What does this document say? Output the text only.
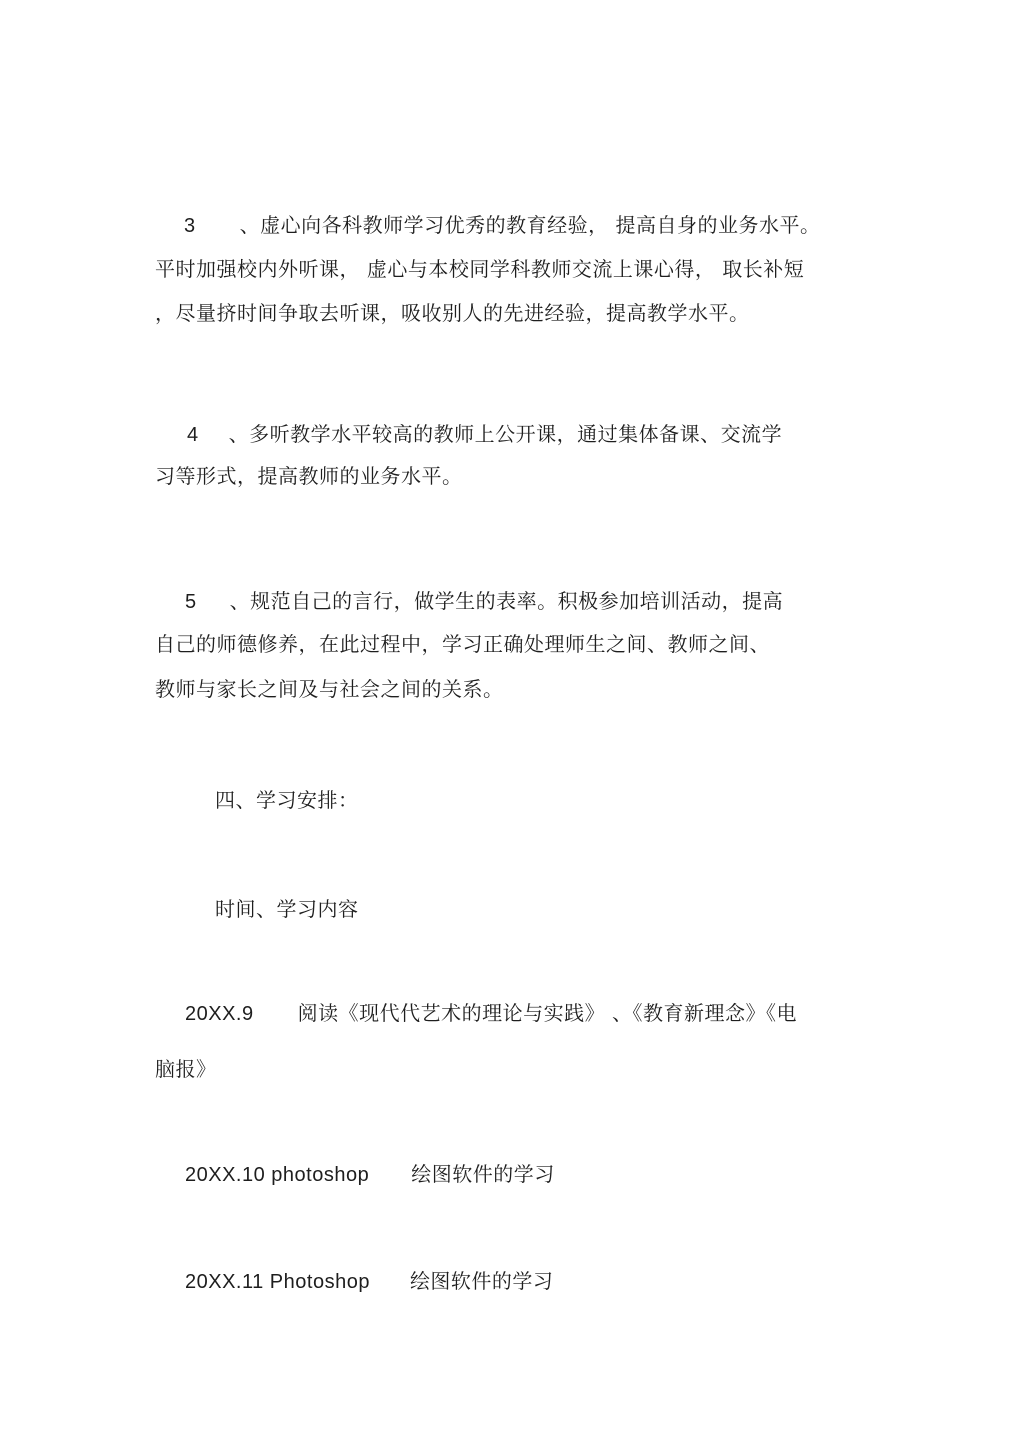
3 、虚心向各科教师学习优秀的教育经验， 提高自身的业务水平。
平时加强校内外听课， 虚心与本校同学科教师交流上课心得， 取长补短
，尽量挤时间争取去听课，吸收别人的先进经验，提高教学水平。
4 、多听教学水平较高的教师上公开课，通过集体备课、交流学
习等形式，提高教师的业务水平。
5 、规范自己的言行，做学生的表率。积极参加培训活动，提高
自己的师德修养，在此过程中，学习正确处理师生之间、教师之间、
教师与家长之间及与社会之间的关系。
四、学习安排：
时间、学习内容
20XX.9 阅读《现代代艺术的理论与实践》 、《教育新理念》《电
脑报》
20XX.10 photoshop 绘图软件的学习
20XX.11 Photoshop 绘图软件的学习
